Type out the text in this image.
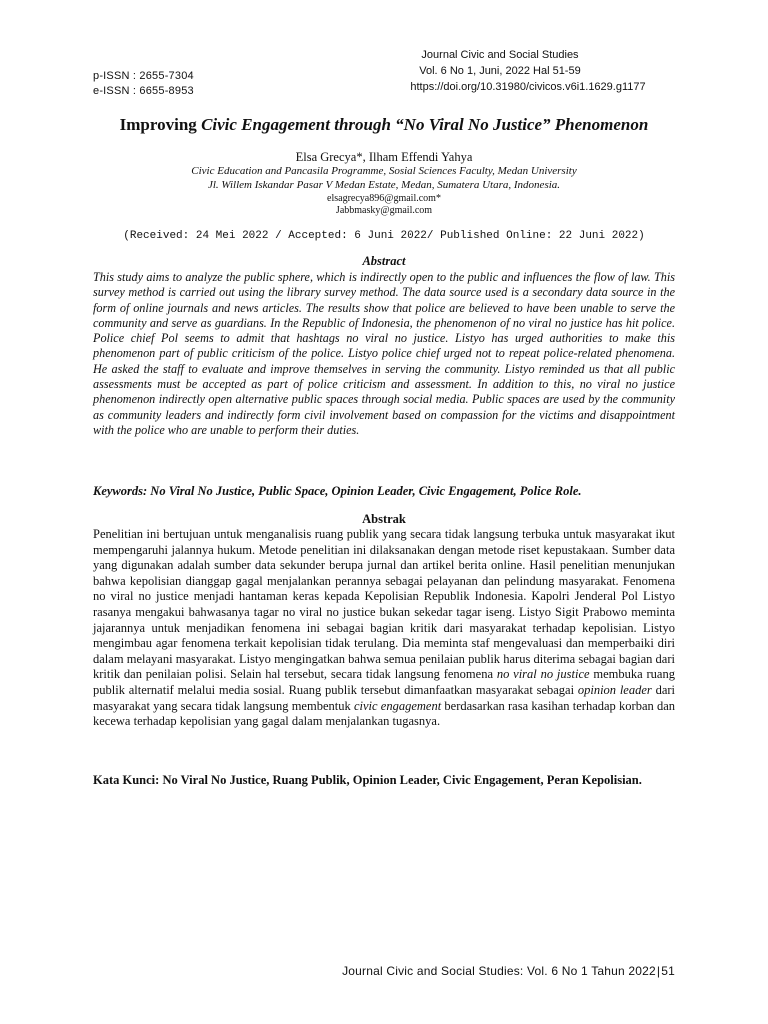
Journal Civic and Social Studies
Vol. 6 No 1, Juni, 2022 Hal 51-59
https://doi.org/10.31980/civicos.v6i1.1629.g1177
p-ISSN : 2655-7304
e-ISSN : 6655-8953
Improving Civic Engagement through “No Viral No Justice” Phenomenon
Elsa Grecya*, Ilham Effendi Yahya
Civic Education and Pancasila Programme, Sosial Sciences Faculty, Medan University
Jl. Willem Iskandar Pasar V Medan Estate, Medan, Sumatera Utara, Indonesia.
elsagrecya896@gmail.com*
Jabbmasky@gmail.com
(Received: 24 Mei 2022 / Accepted: 6 Juni 2022/ Published Online: 22 Juni 2022)
Abstract

This study aims to analyze the public sphere, which is indirectly open to the public and influences the flow of law. This survey method is carried out using the library survey method. The data source used is a secondary data source in the form of online journals and news articles. The results show that police are believed to have been unable to serve the community and serve as guardians. In the Republic of Indonesia, the phenomenon of no viral no justice has hit police. Police chief Pol seems to admit that hashtags no viral no justice. Listyo has urged authorities to make this phenomenon part of public criticism of the police. Listyo police chief urged not to repeat police-related phenomena. He asked the staff to evaluate and improve themselves in serving the community. Listyo reminded us that all public assessments must be accepted as part of police criticism and assessment. In addition to this, no viral no justice phenomenon indirectly open alternative public spaces through social media. Public spaces are used by the community as community leaders and indirectly form civil involvement based on compassion for the victims and disappointment with the police who are unable to perform their duties.

Keywords: No Viral No Justice, Public Space, Opinion Leader, Civic Engagement, Police Role.
Abstrak

Penelitian ini bertujuan untuk menganalisis ruang publik yang secara tidak langsung terbuka untuk masyarakat ikut mempengaruhi jalannya hukum. Metode penelitian ini dilaksanakan dengan metode riset kepustakaan. Sumber data yang digunakan adalah sumber data sekunder berupa jurnal dan artikel berita online. Hasil penelitian menunjukan bahwa kepolisian dianggap gagal menjalankan perannya sebagai pelayanan dan pelindung masyarakat. Fenomena no viral no justice menjadi hantaman keras kepada Kepolisian Republik Indonesia. Kapolri Jenderal Pol Listyo rasanya mengakui bahwasanya tagar no viral no justice bukan sekedar tagar iseng. Listyo Sigit Prabowo meminta jajarannya untuk menjadikan fenomena ini sebagai bagian kritik dari masyarakat terhadap kepolisian. Listyo mengimbau agar fenomena terkait kepolisian tidak terulang. Dia meminta staf mengevaluasi dan memperbaiki diri dalam melayani masyarakat. Listyo mengingatkan bahwa semua penilaian publik harus diterima sebagai bagian dari kritik dan penilaian polisi. Selain hal tersebut, secara tidak langsung fenomena no viral no justice membuka ruang publik alternatif melalui media sosial. Ruang publik tersebut dimanfaatkan masyarakat sebagai opinion leader dari masyarakat yang secara tidak langsung membentuk civic engagement berdasarkan rasa kasihan terhadap korban dan kecewa terhadap kepolisian yang gagal dalam menjalankan tugasnya.

Kata Kunci: No Viral No Justice, Ruang Publik, Opinion Leader, Civic Engagement, Peran Kepolisian.
Journal Civic and Social Studies: Vol. 6 No 1 Tahun 2022|51
